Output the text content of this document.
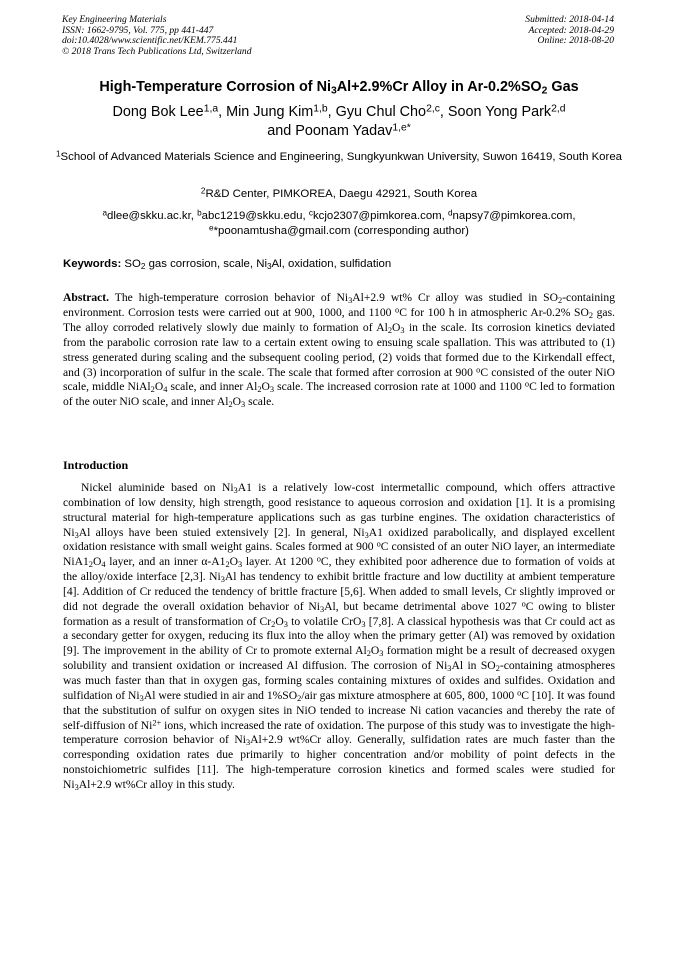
Key Engineering Materials
ISSN: 1662-9795, Vol. 775, pp 441-447
doi:10.4028/www.scientific.net/KEM.775.441
© 2018 Trans Tech Publications Ltd, Switzerland
Submitted: 2018-04-14
Accepted: 2018-04-29
Online: 2018-08-20
High-Temperature Corrosion of $Ni_3Al+2.9\%Cr$ Alloy in $Ar-0.2\%SO_2$ Gas
Dong Bok Lee$^{1,a}$, Min Jung Kim$^{1,b}$, Gyu Chul Cho$^{2,c}$, Soon Yong Park$^{2,d}$
and Poonam Yadav$^{1,e*}$
$^1$School of Advanced Materials Science and Engineering, Sungkyunkwan University, Suwon 16419, South Korea
$^2$R&D Center, PIMKOREA, Daegu 42921, South Korea
$^a$dlee@skku.ac.kr, $^b$abc1219@skku.edu, $^c$kcjo2307@pimkorea.com, $^d$napsy7@pimkorea.com,
$^e$*poonamtusha@gmail.com (corresponding author)
Keywords: $SO_2$ gas corrosion, scale, $Ni_3Al$, oxidation, sulfidation
Abstract. The high-temperature corrosion behavior of $Ni_3Al+2.9$ wt% Cr alloy was studied in $SO_2$-containing environment. Corrosion tests were carried out at 900, 1000, and 1100 $^o$C for 100 h in atmospheric Ar-0.2% $SO_2$ gas. The alloy corroded relatively slowly due mainly to formation of $Al_2O_3$ in the scale. Its corrosion kinetics deviated from the parabolic corrosion rate law to a certain extent owing to ensuing scale spallation. This was attributed to (1) stress generated during scaling and the subsequent cooling period, (2) voids that formed due to the Kirkendall effect, and (3) incorporation of sulfur in the scale. The scale that formed after corrosion at 900 $^o$C consisted of the outer NiO scale, middle $NiAl_2O_4$ scale, and inner $Al_2O_3$ scale. The increased corrosion rate at 1000 and 1100 $^o$C led to formation of the outer NiO scale, and inner $Al_2O_3$ scale.
Introduction
Nickel aluminide based on $Ni_3A1$ is a relatively low-cost intermetallic compound, which offers attractive combination of low density, high strength, good resistance to aqueous corrosion and oxidation [1]. It is a promising structural material for high-temperature applications such as gas turbine engines. The oxidation characteristics of $Ni_3Al$ alloys have been stuied extensively [2]. In general, $Ni_3A1$ oxidized parabolically, and displayed excellent oxidation resistance with small weight gains. Scales formed at 900 $^o$C consisted of an outer NiO layer, an intermediate $NiA1_2O_4$ layer, and an inner $\alpha-A1_2O_3$ layer. At 1200 $^o$C, they exhibited poor adherence due to formation of voids at the alloy/oxide interface [2,3]. $Ni_3Al$ has tendency to exhibit brittle fracture and low ductility at ambient temperature [4]. Addition of Cr reduced the tendency of brittle fracture [5,6]. When added to small levels, Cr slightly improved or did not degrade the overall oxidation behavior of $Ni_3Al$, but became detrimental above 1027 $^o$C owing to blister formation as a result of transformation of $Cr_2O_3$ to volatile CrO$_3$ [7,8]. A classical hypothesis was that Cr could act as a secondary getter for oxygen, reducing its flux into the alloy when the primary getter (Al) was removed by oxidation [9]. The improvement in the ability of Cr to promote external $Al_2O_3$ formation might be a result of decreased oxygen solubility and transient oxidation or increased Al diffusion. The corrosion of $Ni_3Al$ in $SO_2$-containing atmospheres was much faster than that in oxygen gas, forming scales containing mixtures of oxides and sulfides. Oxidation and sulfidation of $Ni_3Al$ were studied in air and $1\%SO_2$/air gas mixture atmosphere at 605, 800, 1000 $^o$C [10]. It was found that the substitution of sulfur on oxygen sites in NiO tended to increase Ni cation vacancies and thereby the rate of self-diffusion of $Ni^{2+}$ ions, which increased the rate of oxidation. The purpose of this study was to investigate the high-temperature corrosion behavior of $Ni_3Al+2.9$ wt%Cr alloy. Generally, sulfidation rates are much faster than the corresponding oxidation rates due primarily to higher concentration and/or mobility of point defects in the nonstoichiometric sulfides [11]. The high-temperature corrosion kinetics and formed scales were studied for $Ni_3Al+2.9$ wt%Cr alloy in this study.
